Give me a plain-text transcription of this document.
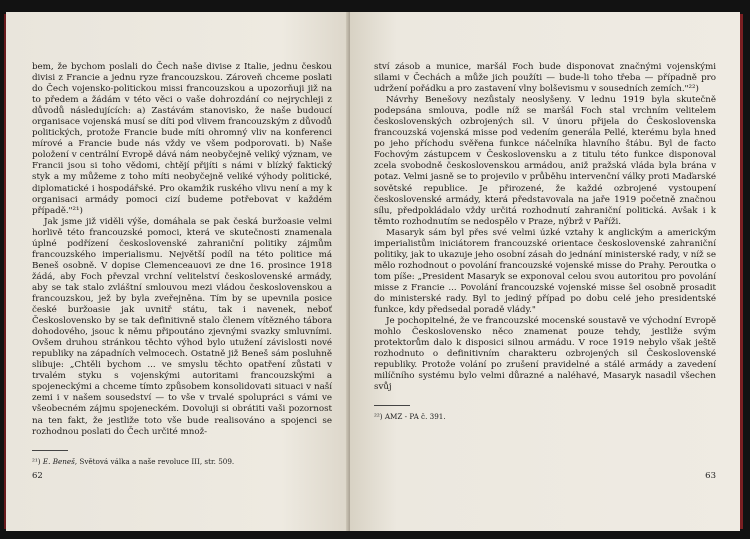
bem, že bychom poslali do Čech naše divise z Italie, jednu českou divisi z Francie a jednu ryze francouzskou. Zároveň chceme poslati do Čech vojensko-politickou missi francouzskou a upozorňuji již na to předem a žádám v této věci o vaše dohrozdání co nejrychleji z důvodů následujících: a) Zastávám stanovisko, že naše budoucí organisace vojenská musí se díti pod vlivem francouzským z důvodů politických, protože Francie bude míti ohromný vliv na konferenci mírové a Francie bude nás vždy ve všem podporovati. b) Naše položení v centrální Evropě dává nám neobyčejně veliký význam, ve Francii jsou si toho vědomi, chtějí přijíti s námi v blízký faktický styk a my můžeme z toho míti neobyčejně veliké výhody politické, diplomatické i hospodářské. Pro okamžik ruského vlivu není a my k organisaci armády pomoci cizí budeme potřebovat v každém případě."²¹)

Jak jsme již viděli výše, domáhala se pak česká buržoasie velmi horlivě této francouzské pomoci, která ve skutečnosti znamenala úplné podřízení československé zahraniční politiky zájmům francouzského imperialismu. Největší podíl na této politice má Beneš osobně. V dopise Clemenceauovi ze dne 16. prosince 1918 žádá, aby Foch převzal vrchní velitelství československé armády, aby se tak stalo zvláštní smlouvou mezi vládou československou a francouzskou, jež by byla zveřejněna. Tím by se upevnila posice české buržoasie jak uvnitř státu, tak i navenek, neboť Československo by se tak definitivně stalo členem vítězného tábora dohodového, jsouc k němu připoutáno zjevnými svazky smluvními. Ovšem druhou stránkou těchto výhod bylo utužení závislosti nové republiky na západních velmocech. Ostatně již Beneš sám posluhně slibuje: „Chtěli bychom ... ve smyslu těchto opatření zůstati v trvalém styku s vojenskými autoritami francouzskými a spojeneckými a chceme tímto způsobem konsolidovati situaci v naší zemi i v našem sousedství — to vše v trvalé spolupráci s vámi ve všeobecném zájmu spojeneckém. Dovoluji si obrátiti vaši pozornost na ten fakt, že jestliže toto vše bude realisováno a spojenci se rozhodnou poslati do Čech určité množ-

²¹) E. Beneš, Světová válka a naše revoluce III, str. 509.
62

ství zásob a munice, maršál Foch bude disponovat značnými vojenskými silami v Čechách a může jich použíti — bude-li toho třeba — případně pro udržení pořádku a pro zastavení vlny bolševismu v sousedních zemích."²²)

Návrhy Benešovy nezůstaly neoslyšeny. V lednu 1919 byla skutečně podepsána smlouva, podle níž se maršál Foch stal vrchním velitelem československých ozbrojených sil. V únoru přijela do Československa francouzská vojenská misse pod vedením generála Pellé, kterému byla hned po jeho příchodu svěřena funkce náčelníka hlavního štábu. Byl de facto Fochovým zástupcem v Československu a z titulu této funkce disponoval zcela svobodně československou armádou, aniž pražská vláda byla brána v potaz. Velmi jasně se to projevilo v průběhu intervenční války proti Maďarské sovětské republice. Je přirozené, že každé ozbrojené vystoupení československé armády, která představovala na jaře 1919 početně značnou sílu, předpokládalo vždy určitá rozhodnutí zahraniční politická. Avšak i k těmto rozhodnutím se nedospělo v Praze, nýbrž v Paříži.

Masaryk sám byl přes své velmi úzké vztahy k anglickým a americkým imperialistům iniciátorem francouzské orientace československé zahraniční politiky, jak to ukazuje jeho osobní zásah do jednání ministerské rady, v níž se mělo rozhodnout o povolání francouzské vojenské misse do Prahy. Peroutka o tom píše: „President Masaryk se exponoval celou svou autoritou pro povolání misse z Francie ... Povolání francouzské vojenské misse šel osobně prosadit do ministerské rady. Byl to jediný případ po dobu celé jeho presidentské funkce, kdy předsedal poradě vlády."

Je pochopitelné, že ve francouzské mocenské soustavě ve východní Evropě mohlo Československo něco znamenat pouze tehdy, jestliže svým protektorům dalo k disposici silnou armádu. V roce 1919 nebylo však ještě rozhodnuto o definitivním charakteru ozbrojených sil Československé republiky. Protože volání po zrušení pravidelné a stálé armády a zavedení milíčního systému bylo velmi důrazné a naléhavé, Masaryk nasadil všechen svůj

²²) AMZ - PA č. 391.
63
